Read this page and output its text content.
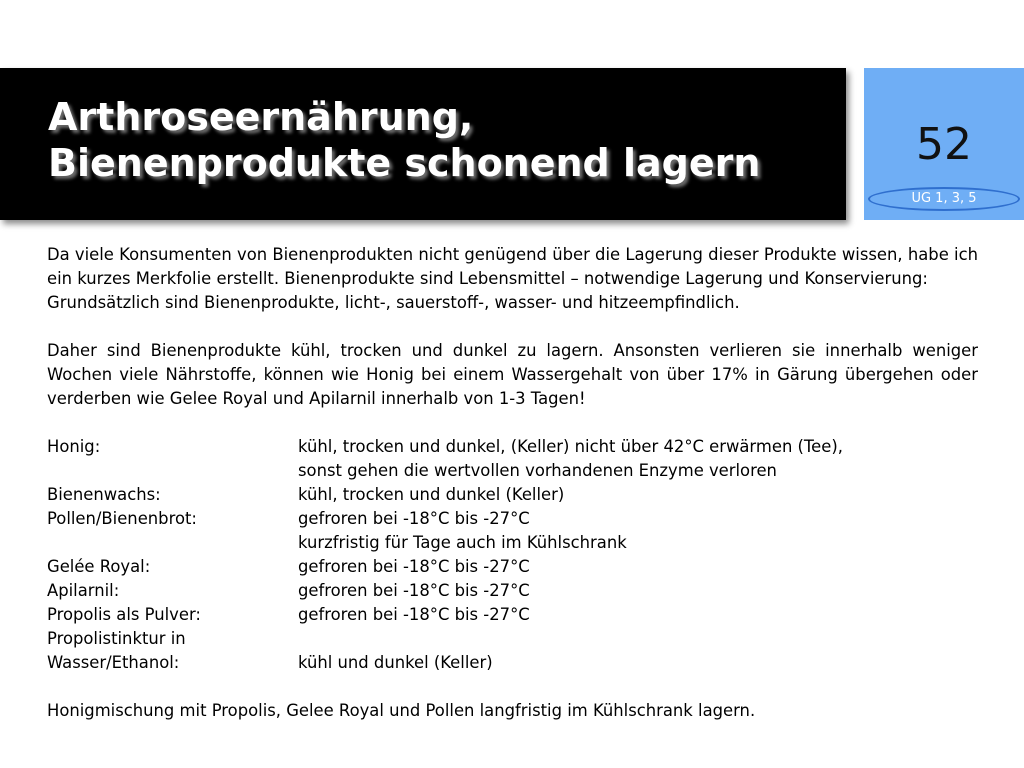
Arthroseernährung,
Bienenprodukte schonend lagern	52
UG 1, 3, 5

Da viele Konsumenten von Bienenprodukten nicht genügend über die Lagerung dieser Produkte wissen, habe ich ein kurzes Merkfolie erstellt. Bienenprodukte sind Lebensmittel – notwendige Lagerung und Konservierung:

Grundsätzlich sind Bienenprodukte, licht-, sauerstoff-, wasser- und hitzeempfindlich.

Daher sind Bienenprodukte kühl, trocken und dunkel zu lagern. Ansonsten verlieren sie innerhalb weniger Wochen viele Nährstoffe, können wie Honig bei einem Wassergehalt von über 17% in Gärung übergehen oder verderben wie Gelee Royal und Apilarnil innerhalb von 1-3 Tagen!

Honig:	kühl, trocken und dunkel, (Keller) nicht über 42°C erwärmen (Tee),
sonst gehen die wertvollen vorhandenen Enzyme verloren
Bienenwachs:	kühl, trocken und dunkel (Keller)
Pollen/Bienenbrot:	gefroren bei -18°C bis -27°C
kurzfristig für Tage auch im Kühlschrank
Geléе Royal:	gefroren bei -18°C bis -27°C
Apilarnil:	gefroren bei -18°C bis -27°C
Propolis als Pulver:	gefroren bei -18°C bis -27°C
Propolistinktur in
Wasser/Ethanol:	kühl und dunkel (Keller)
Honigmischung mit Propolis, Gelee Royal und Pollen langfristig im Kühlschrank lagern.
